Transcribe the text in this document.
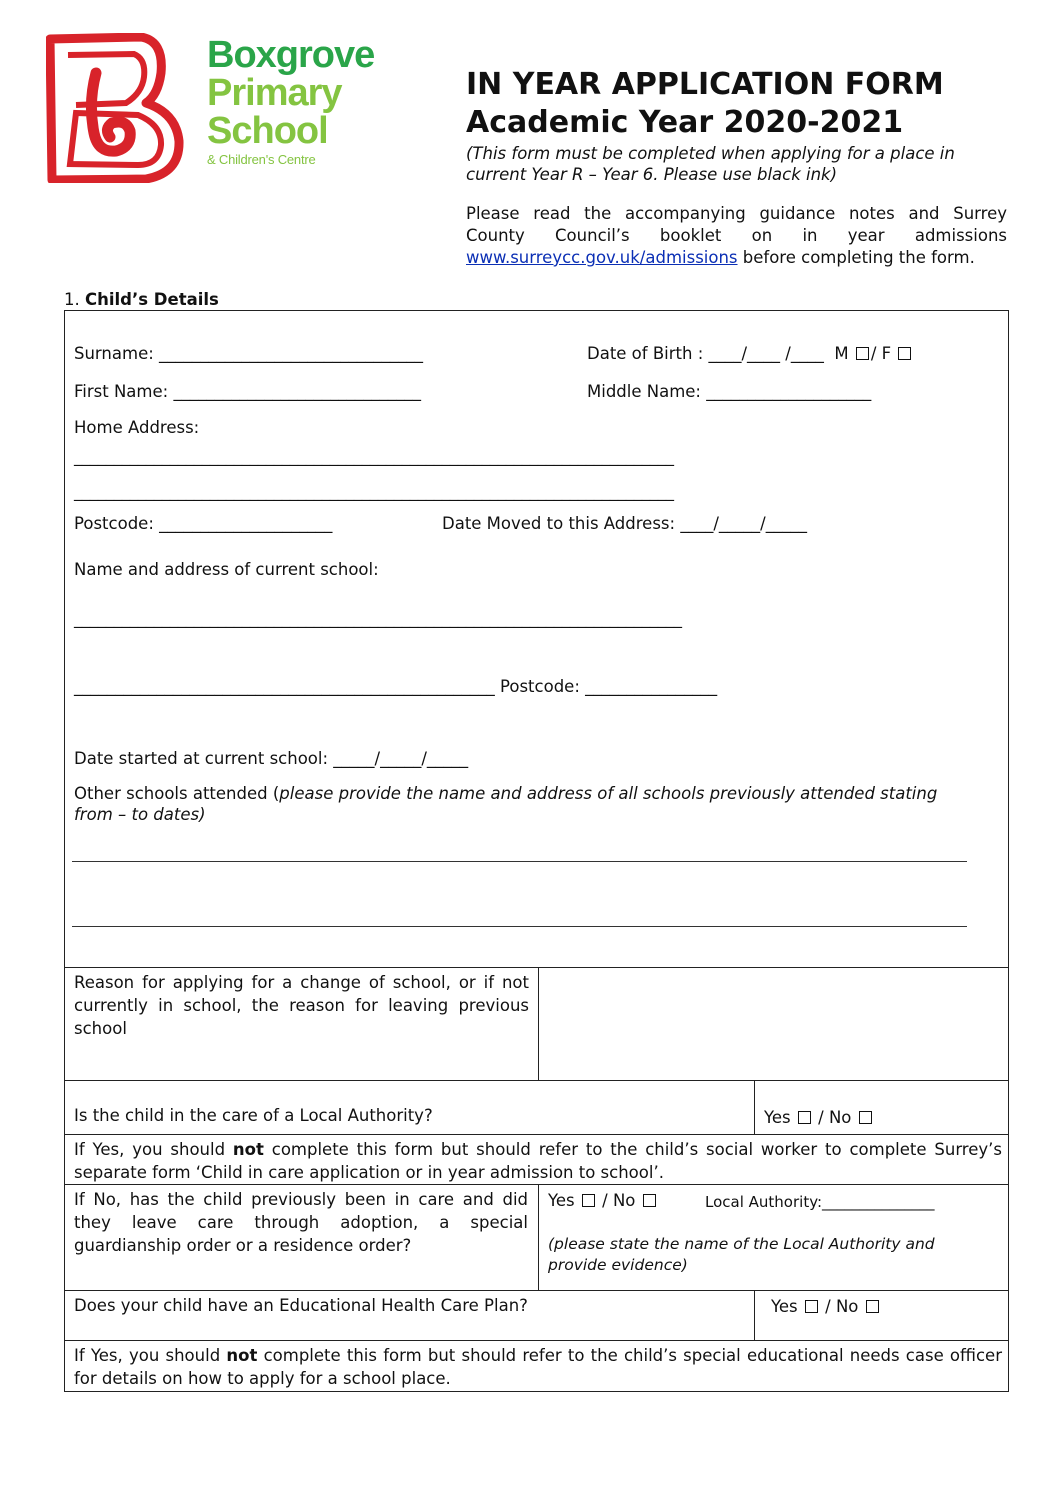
Boxgrove
Primary
School
& Children's Centre
IN YEAR APPLICATION FORM
Academic Year 2020-2021
(This form must be completed when applying for a place in current Year R – Year 6. Please use black ink)
Please read the accompanying guidance notes and Surrey County Council’s booklet on in year admissions www.surreycc.gov.uk/admissions before completing the form.
1. Child’s Details
Surname: ________________________________	Date of Birth : ____/____ /____ M / F
First Name: ______________________________	Middle Name: ____________________
Home Address:
___________________________________________________________________________
___________________________________________________________________________
Postcode: _____________________	Date Moved to this Address: ____/_____/_____
Name and address of current school:
____________________________________________________________________________
___________________________________________________ Postcode: ________________
Date started at current school: _____/_____/_____
Other schools attended (please provide the name and address of all schools previously attended stating from – to dates)
Reason for applying for a change of school, or if not currently in school, the reason for leaving previous school
Is the child in the care of a Local Authority?	Yes / No
If Yes, you should not complete this form but should refer to the child’s social worker to complete Surrey’s separate form ‘Child in care application or in year admission to school’.
If No, has the child previously been in care and did they leave care through adoption, a special guardianship order or a residence order?
Yes / No	Local Authority:_______________
(please state the name of the Local Authority and provide evidence)
Does your child have an Educational Health Care Plan?	Yes / No
If Yes, you should not complete this form but should refer to the child’s special educational needs case officer for details on how to apply for a school place.
